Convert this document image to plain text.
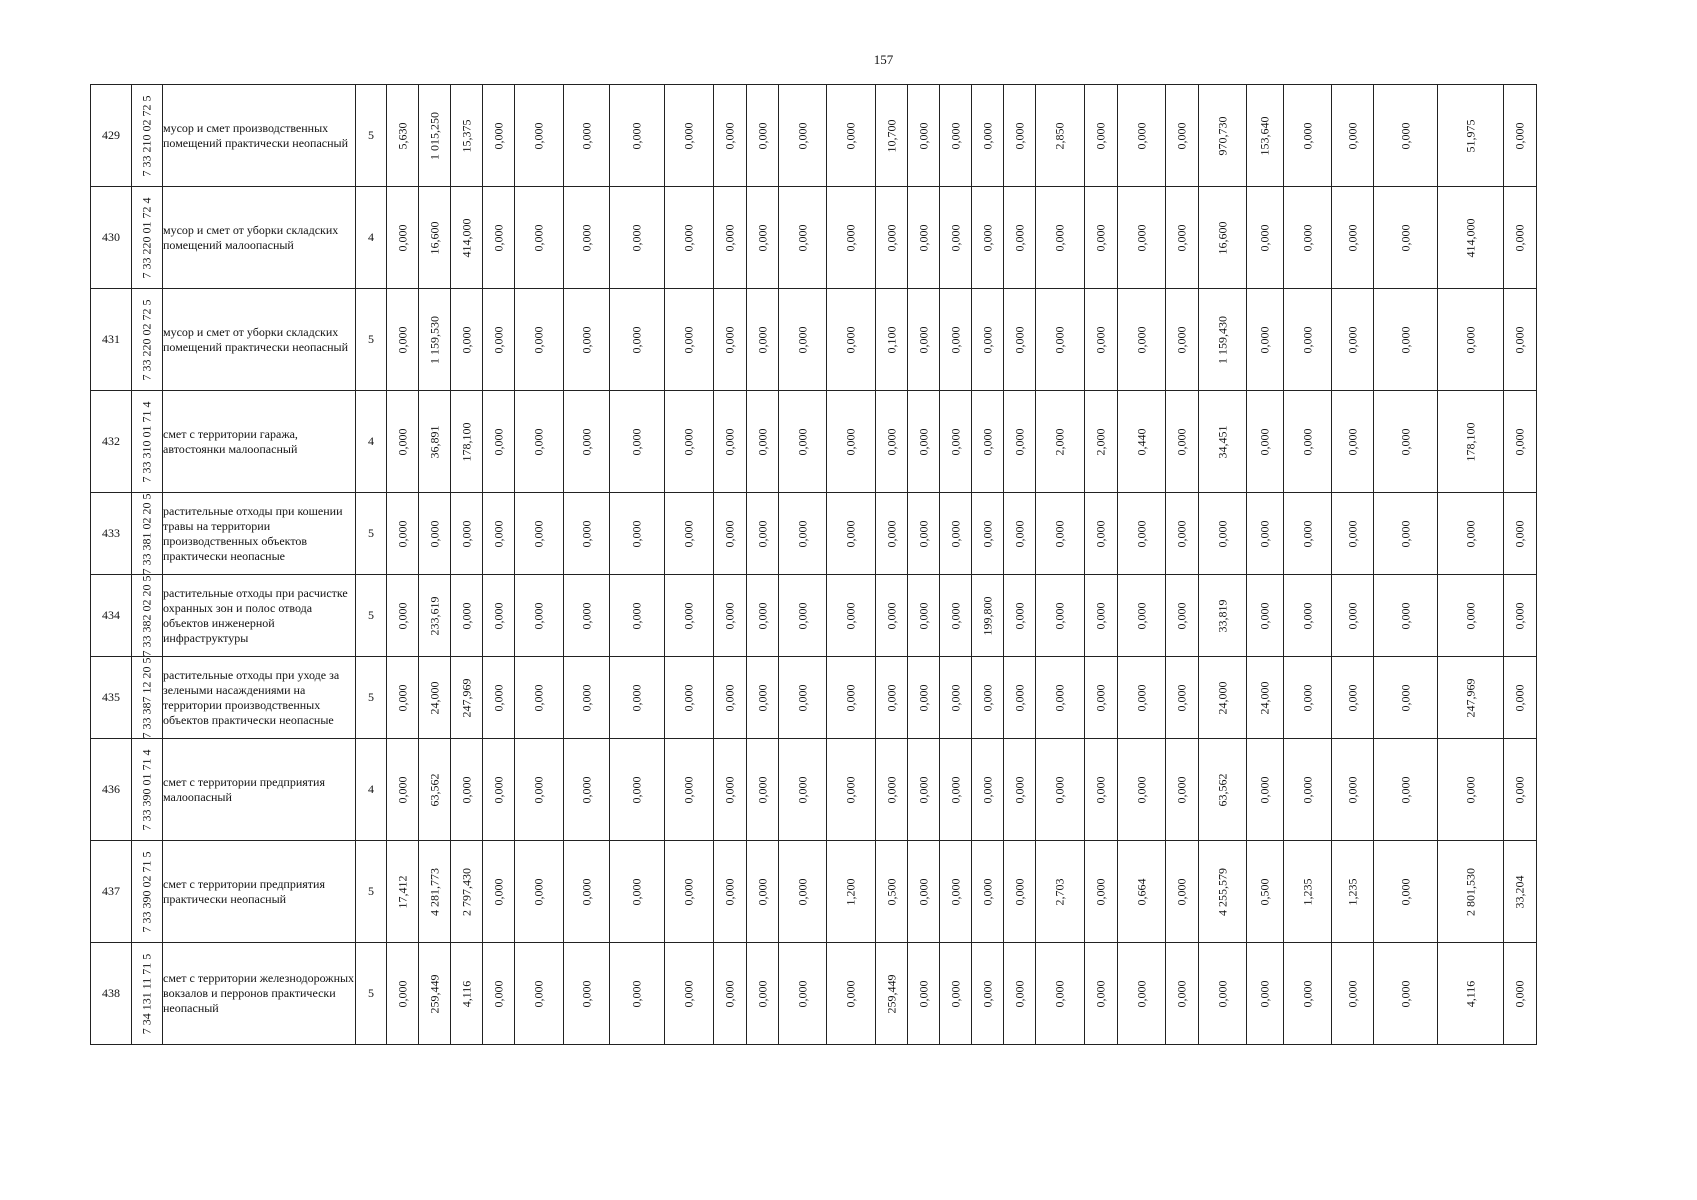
157
429	7 33 210 02 72 5	мусор и смет производственных помещений практически неопасный	5	5,630	1 015,250	15,375	0,000	0,000	0,000	0,000	0,000	0,000	0,000	0,000	0,000	10,700	0,000	0,000	0,000	0,000	2,850	0,000	0,000	0,000	970,730	153,640	0,000	0,000	0,000	51,975	0,000

430	7 33 220 01 72 4	мусор и смет от уборки складских помещений малоопасный	4	0,000	16,600	414,000	0,000	0,000	0,000	0,000	0,000	0,000	0,000	0,000	0,000	0,000	0,000	0,000	0,000	0,000	0,000	0,000	0,000	0,000	16,600	0,000	0,000	0,000	0,000	414,000	0,000

431	7 33 220 02 72 5	мусор и смет от уборки складских помещений практически неопасный	5	0,000	1 159,530	0,000	0,000	0,000	0,000	0,000	0,000	0,000	0,000	0,000	0,000	0,100	0,000	0,000	0,000	0,000	0,000	0,000	0,000	0,000	1 159,430	0,000	0,000	0,000	0,000	0,000	0,000

432	7 33 310 01 71 4	смет с территории гаража, автостоянки малоопасный	4	0,000	36,891	178,100	0,000	0,000	0,000	0,000	0,000	0,000	0,000	0,000	0,000	0,000	0,000	0,000	0,000	0,000	2,000	2,000	0,440	0,000	34,451	0,000	0,000	0,000	0,000	178,100	0,000

433	7 33 381 02 20 5	растительные отходы при кошении травы на территории производственных объектов практически неопасные	5	0,000	0,000	0,000	0,000	0,000	0,000	0,000	0,000	0,000	0,000	0,000	0,000	0,000	0,000	0,000	0,000	0,000	0,000	0,000	0,000	0,000	0,000	0,000	0,000	0,000	0,000	0,000	0,000

434	7 33 382 02 20 5	растительные отходы при расчистке охранных зон и полос отвода объектов инженерной инфраструктуры	5	0,000	233,619	0,000	0,000	0,000	0,000	0,000	0,000	0,000	0,000	0,000	0,000	0,000	0,000	0,000	199,800	0,000	0,000	0,000	0,000	0,000	33,819	0,000	0,000	0,000	0,000	0,000	0,000

435	7 33 387 12 20 5	растительные отходы при уходе за зелеными насаждениями на территории производственных объектов практически неопасные	5	0,000	24,000	247,969	0,000	0,000	0,000	0,000	0,000	0,000	0,000	0,000	0,000	0,000	0,000	0,000	0,000	0,000	0,000	0,000	0,000	0,000	24,000	24,000	0,000	0,000	0,000	247,969	0,000

436	7 33 390 01 71 4	смет с территории предприятия малоопасный	4	0,000	63,562	0,000	0,000	0,000	0,000	0,000	0,000	0,000	0,000	0,000	0,000	0,000	0,000	0,000	0,000	0,000	0,000	0,000	0,000	0,000	63,562	0,000	0,000	0,000	0,000	0,000	0,000

437	7 33 390 02 71 5	смет с территории предприятия практически неопасный	5	17,412	4 281,773	2 797,430	0,000	0,000	0,000	0,000	0,000	0,000	0,000	0,000	1,200	0,500	0,000	0,000	0,000	0,000	2,703	0,000	0,664	0,000	4 255,579	0,500	1,235	1,235	0,000	2 801,530	33,204

438	7 34 131 11 71 5	смет с территории железнодорожных вокзалов и перронов практически неопасный	5	0,000	259,449	4,116	0,000	0,000	0,000	0,000	0,000	0,000	0,000	0,000	0,000	259,449	0,000	0,000	0,000	0,000	0,000	0,000	0,000	0,000	0,000	0,000	0,000	0,000	0,000	4,116	0,000
